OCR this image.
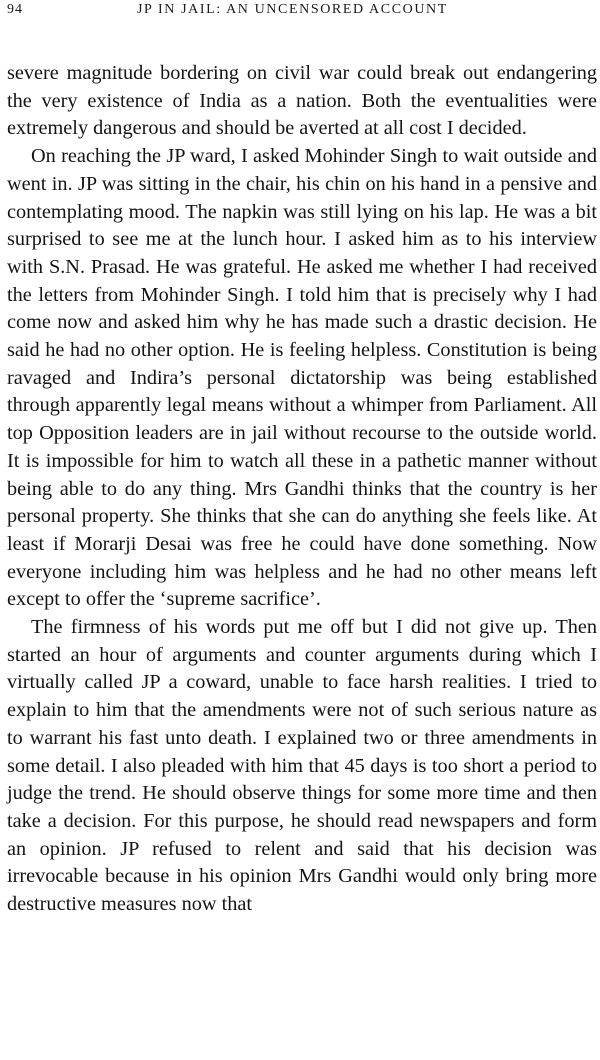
94	JP IN JAIL: AN UNCENSORED ACCOUNT

severe magnitude bordering on civil war could break out endangering the very existence of India as a nation. Both the eventualities were extremely dangerous and should be averted at all cost I decided.

On reaching the JP ward, I asked Mohinder Singh to wait outside and went in. JP was sitting in the chair, his chin on his hand in a pensive and contemplating mood. The napkin was still lying on his lap. He was a bit surprised to see me at the lunch hour. I asked him as to his interview with S.N. Prasad. He was grateful. He asked me whether I had received the letters from Mohinder Singh. I told him that is precisely why I had come now and asked him why he has made such a drastic decision. He said he had no other option. He is feeling helpless. Constitution is being ravaged and Indira’s personal dictatorship was being established through apparently legal means without a whimper from Parliament. All top Opposition leaders are in jail without recourse to the outside world. It is impossible for him to watch all these in a pathetic manner without being able to do any thing. Mrs Gandhi thinks that the country is her personal property. She thinks that she can do anything she feels like. At least if Morarji Desai was free he could have done something. Now everyone including him was helpless and he had no other means left except to offer the ‘supreme sacrifice’.

The firmness of his words put me off but I did not give up. Then started an hour of arguments and counter arguments during which I virtually called JP a coward, unable to face harsh realities. I tried to explain to him that the amendments were not of such serious nature as to warrant his fast unto death. I explained two or three amendments in some detail. I also pleaded with him that 45 days is too short a period to judge the trend. He should observe things for some more time and then take a decision. For this purpose, he should read newspapers and form an opinion. JP refused to relent and said that his decision was irrevocable because in his opinion Mrs Gandhi would only bring more destructive measures now that
